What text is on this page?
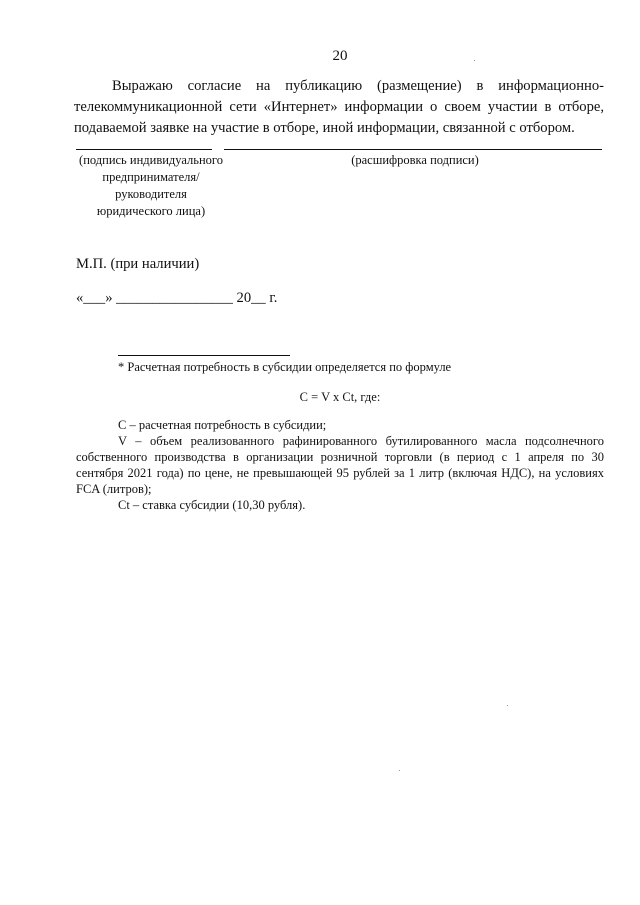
20
Выражаю согласие на публикацию (размещение) в информационно-
телекоммуникационной сети «Интернет» информации о своем участии в отборе, подаваемой заявке на участие в отборе, иной информации, связанной с отбором.
(подпись индивидуального предпринимателя/ руководителя юридического лица)
(расшифровка подписи)
М.П. (при наличии)
«___» ________________ 20__ г.
* Расчетная потребность в субсидии определяется по формуле
C = V x Ct, где:

C – расчетная потребность в субсидии;

V – объем реализованного рафинированного бутилированного масла подсолнечного собственного производства в организации розничной торговли (в период с 1 апреля по 30 сентября 2021 года) по цене, не превышающей 95 рублей за 1 литр (включая НДС), на условиях FCA (литров);

Ct – ставка субсидии (10,30 рубля).
